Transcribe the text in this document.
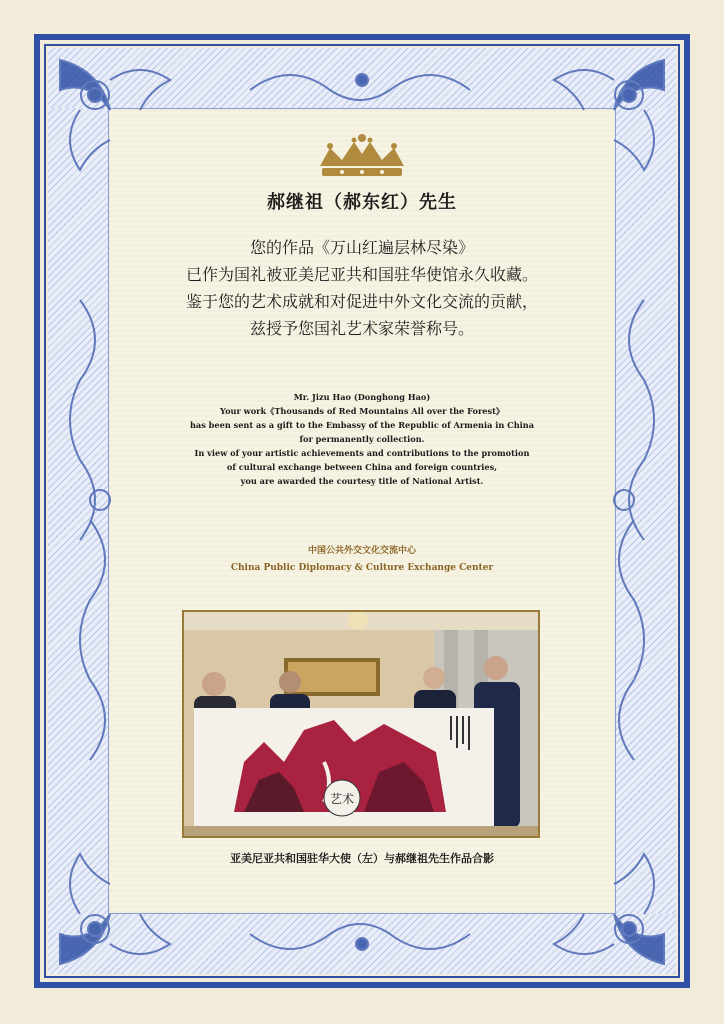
郝继祖（郝东红）先生
您的作品《万山红遍层林尽染》
已作为国礼被亚美尼亚共和国驻华使馆永久收藏。
鉴于您的艺术成就和对促进中外文化交流的贡献，
兹授予您国礼艺术家荣誉称号。
Mr. Jizu Hao (Donghong Hao)
Your work《Thousands of Red Mountains All over the Forest》
has been sent as a gift to the Embassy of the Republic of Armenia in China
for permanently collection.
In view of your artistic achievements and contributions to the promotion
of cultural exchange between China and foreign countries,
you are awarded the courtesy title of National Artist.
中国公共外交文化交流中心
China Public Diplomacy & Culture Exchange Center
艺术
亚美尼亚共和国驻华大使（左）与郝继祖先生作品合影
